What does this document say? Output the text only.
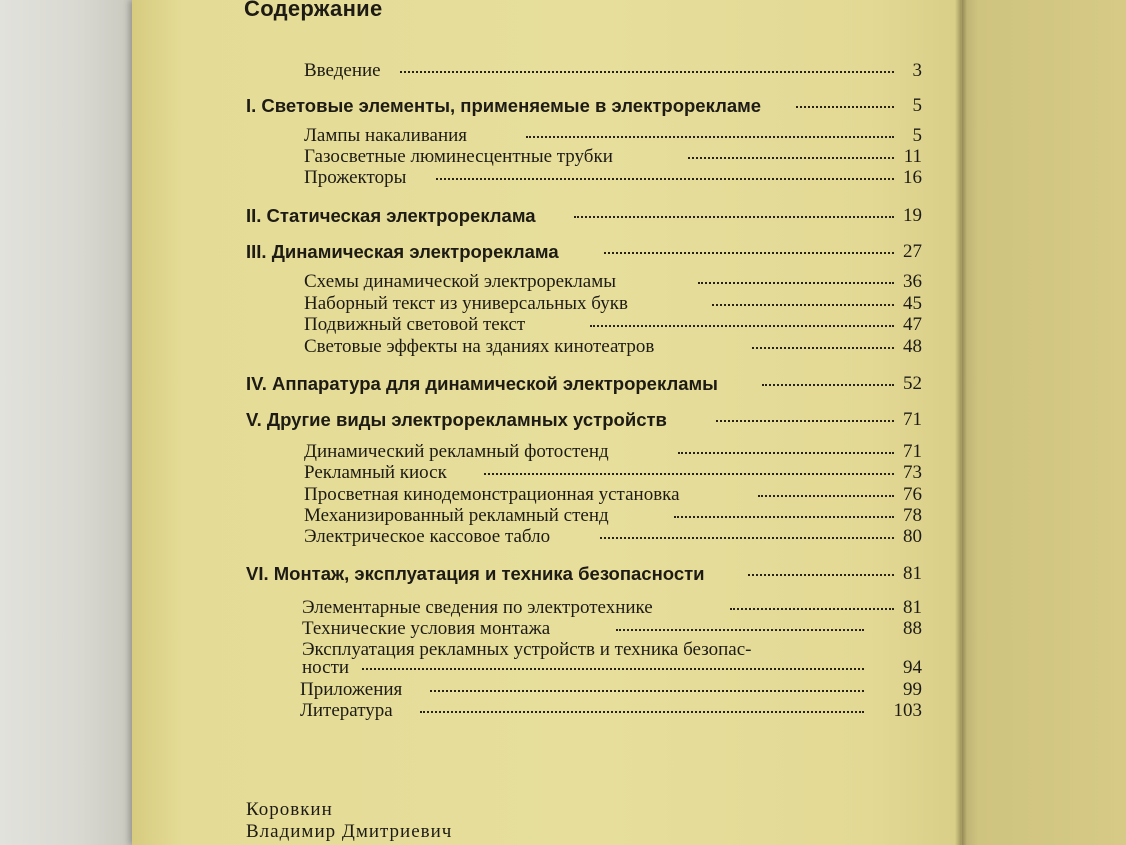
Содержание
Введение	3
I. Световые элементы, применяемые в электрорекламе	5
Лампы накаливания	5
Газосветные люминесцентные трубки	11
Прожекторы	16
II. Статическая электрореклама	19
III. Динамическая электрореклама	27
Схемы динамической электрорекламы	36
Наборный текст из универсальных букв	45
Подвижный световой текст	47
Световые эффекты на зданиях кинотеатров	48
IV. Аппаратура для динамической электрорекламы	52
V. Другие виды электрорекламных устройств	71
Динамический рекламный фотостенд	71
Рекламный киоск	73
Просветная кинодемонстрационная установка	76
Механизированный рекламный стенд	78
Электрическое кассовое табло	80
VI. Монтаж, эксплуатация и техника безопасности	81
Элементарные сведения по электротехнике	81
Технические условия монтажа	88
Эксплуатация рекламных устройств и техника безопас-
ности	94
Приложения	99
Литература	103
Коровкин
Владимир Дмитриевич
